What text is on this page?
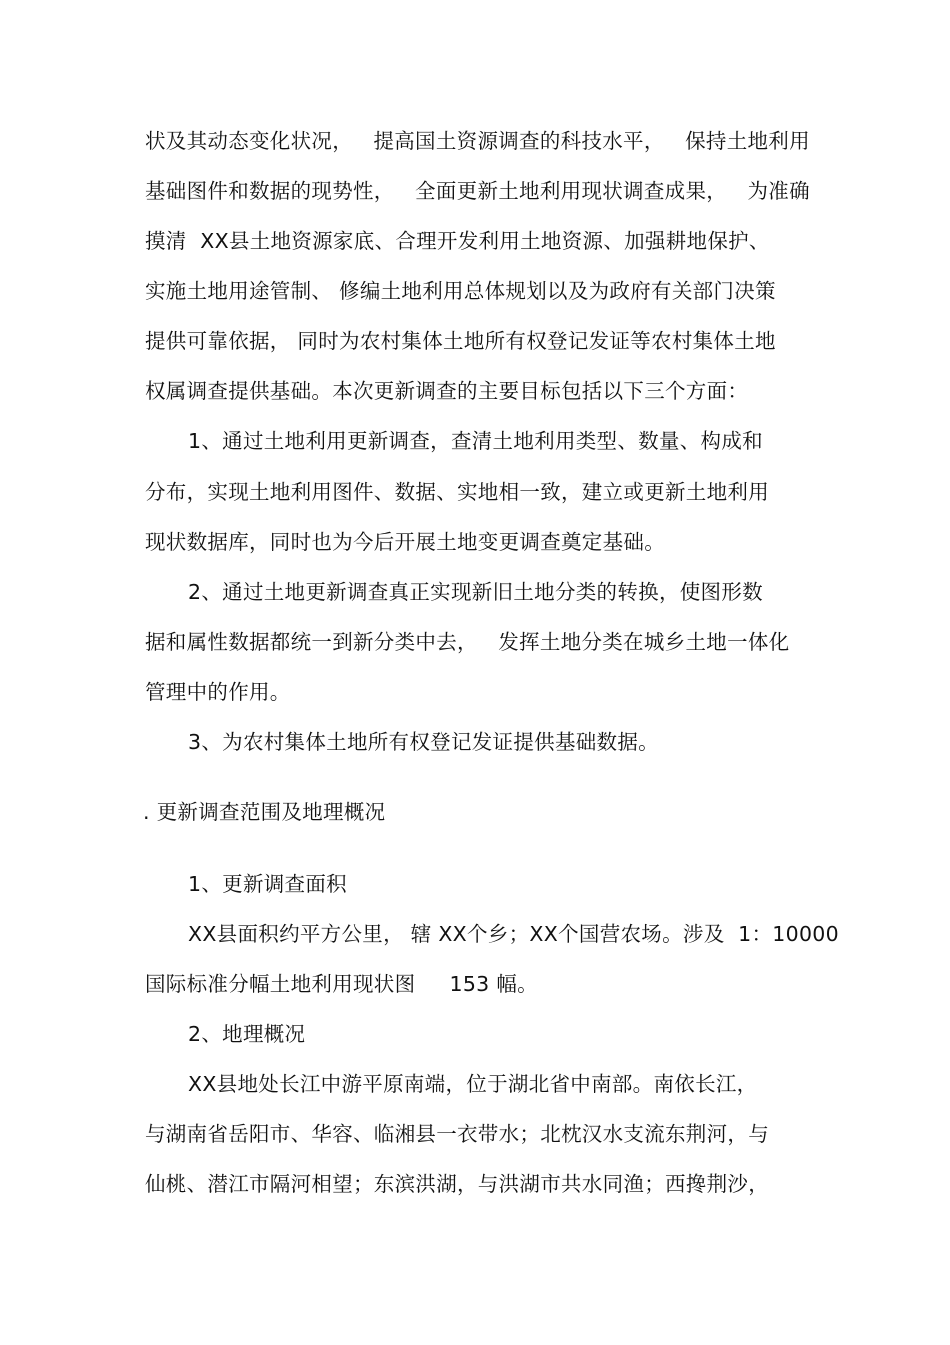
状及其动态变化状况，   提高国土资源调查的科技水平，   保持土地利用
基础图件和数据的现势性，   全面更新土地利用现状调查成果，   为准确
摸清  XX县土地资源家底、合理开发利用土地资源、加强耕地保护、
实施土地用途管制、 修编土地利用总体规划以及为政府有关部门决策
提供可靠依据， 同时为农村集体土地所有权登记发证等农村集体土地
权属调查提供基础。本次更新调查的主要目标包括以下三个方面：
1、通过土地利用更新调查，查清土地利用类型、数量、构成和
分布，实现土地利用图件、数据、实地相一致，建立或更新土地利用
现状数据库，同时也为今后开展土地变更调查奠定基础。
2、通过土地更新调查真正实现新旧土地分类的转换，使图形数
据和属性数据都统一到新分类中去，   发挥土地分类在城乡土地一体化
管理中的作用。
3、为农村集体土地所有权登记发证提供基础数据。
. 更新调查范围及地理概况
1、更新调查面积
XX县面积约平方公里， 辖 XX个乡；XX个国营农场。涉及  1：10000
国际标准分幅土地利用现状图     153 幅。
2、地理概况
XX县地处长江中游平原南端，位于湖北省中南部。南依长江，
与湖南省岳阳市、华容、临湘县一衣带水；北枕汉水支流东荆河，与
仙桃、潜江市隔河相望；东滨洪湖，与洪湖市共水同渔；西搀荆沙，
